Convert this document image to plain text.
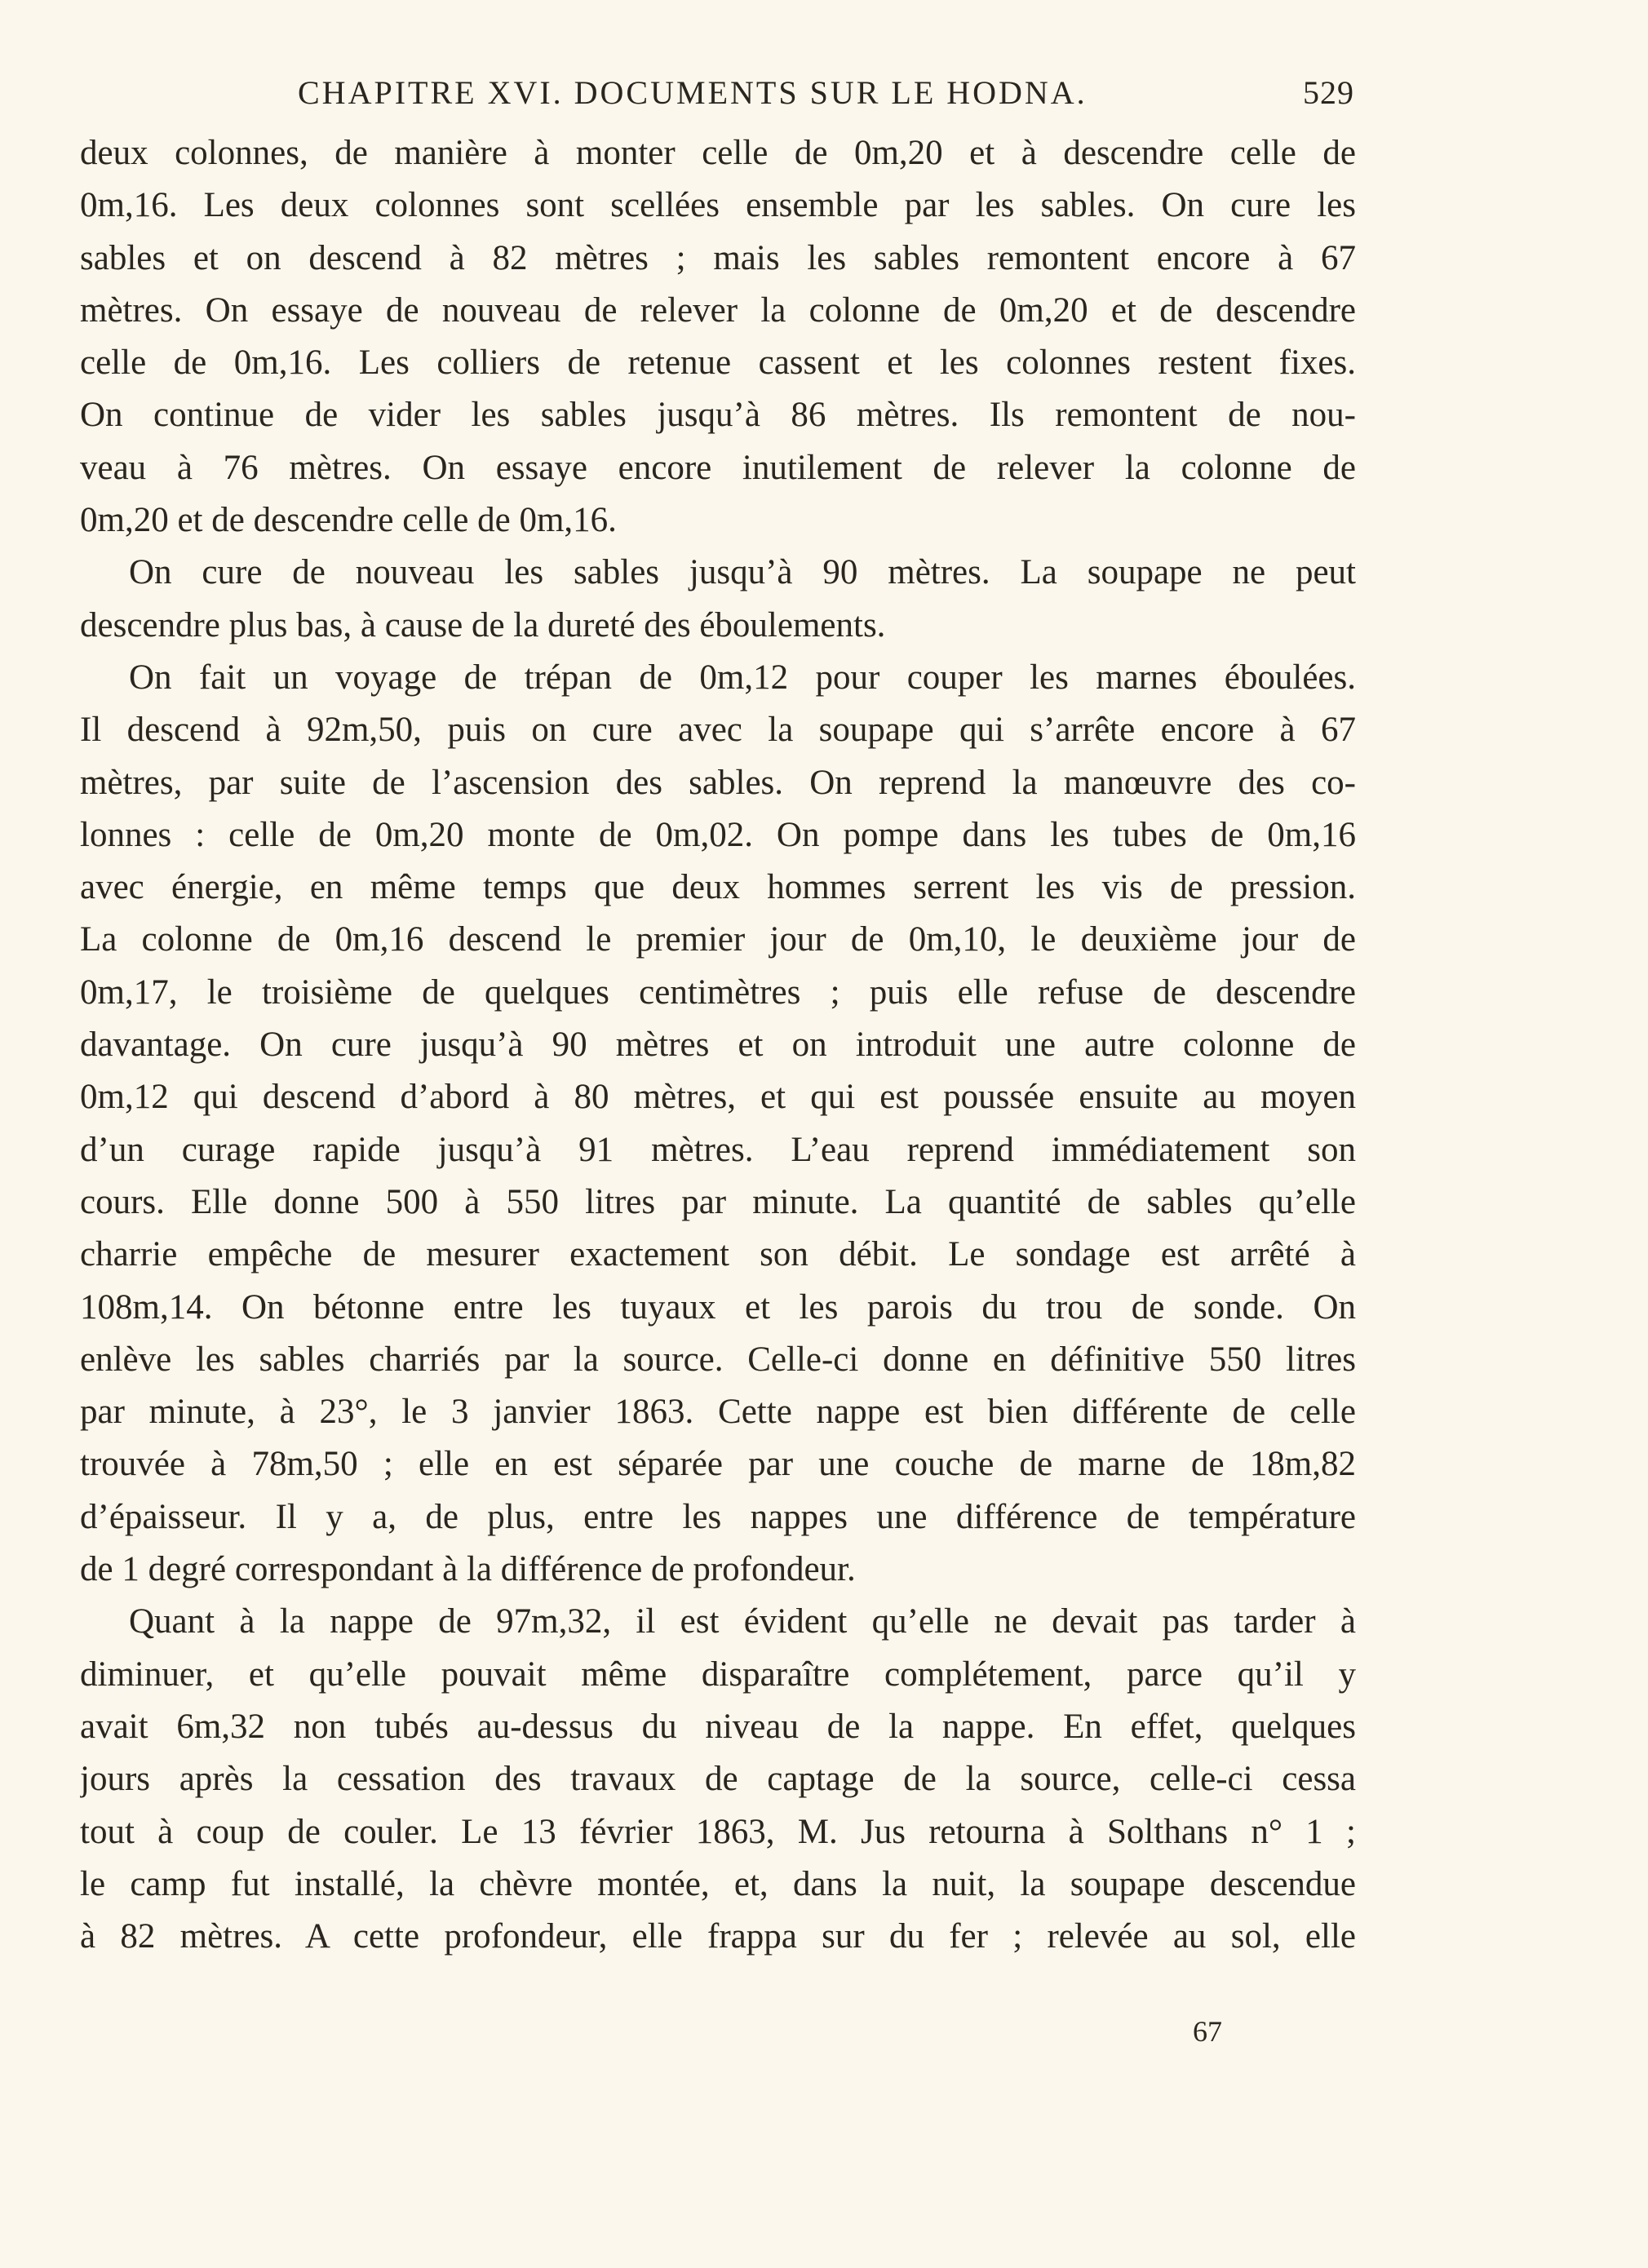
CHAPITRE XVI. DOCUMENTS SUR LE HODNA.	529
deux colonnes, de manière à monter celle de 0m,20 et à descendre celle de
0m,16. Les deux colonnes sont scellées ensemble par les sables. On cure les
sables et on descend à 82 mètres ; mais les sables remontent encore à 67
mètres. On essaye de nouveau de relever la colonne de 0m,20 et de descendre
celle de 0m,16. Les colliers de retenue cassent et les colonnes restent fixes.
On continue de vider les sables jusqu’à 86 mètres. Ils remontent de nou-
veau à 76 mètres. On essaye encore inutilement de relever la colonne de
0m,20 et de descendre celle de 0m,16.
On cure de nouveau les sables jusqu’à 90 mètres. La soupape ne peut
descendre plus bas, à cause de la dureté des éboulements.
On fait un voyage de trépan de 0m,12 pour couper les marnes éboulées.
Il descend à 92m,50, puis on cure avec la soupape qui s’arrête encore à 67
mètres, par suite de l’ascension des sables. On reprend la manœuvre des co-
lonnes : celle de 0m,20 monte de 0m,02. On pompe dans les tubes de 0m,16
avec énergie, en même temps que deux hommes serrent les vis de pression.
La colonne de 0m,16 descend le premier jour de 0m,10, le deuxième jour de
0m,17, le troisième de quelques centimètres ; puis elle refuse de descendre
davantage. On cure jusqu’à 90 mètres et on introduit une autre colonne de
0m,12 qui descend d’abord à 80 mètres, et qui est poussée ensuite au moyen
d’un curage rapide jusqu’à 91 mètres. L’eau reprend immédiatement son
cours. Elle donne 500 à 550 litres par minute. La quantité de sables qu’elle
charrie empêche de mesurer exactement son débit. Le sondage est arrêté à
108m,14. On bétonne entre les tuyaux et les parois du trou de sonde. On
enlève les sables charriés par la source. Celle-ci donne en définitive 550 litres
par minute, à 23°, le 3 janvier 1863. Cette nappe est bien différente de celle
trouvée à 78m,50 ; elle en est séparée par une couche de marne de 18m,82
d’épaisseur. Il y a, de plus, entre les nappes une différence de température
de 1 degré correspondant à la différence de profondeur.
Quant à la nappe de 97m,32, il est évident qu’elle ne devait pas tarder à
diminuer, et qu’elle pouvait même disparaître complétement, parce qu’il y
avait 6m,32 non tubés au-dessus du niveau de la nappe. En effet, quelques
jours après la cessation des travaux de captage de la source, celle-ci cessa
tout à coup de couler. Le 13 février 1863, M. Jus retourna à Solthans n° 1 ;
le camp fut installé, la chèvre montée, et, dans la nuit, la soupape descendue
à 82 mètres. A cette profondeur, elle frappa sur du fer ; relevée au sol, elle
67
